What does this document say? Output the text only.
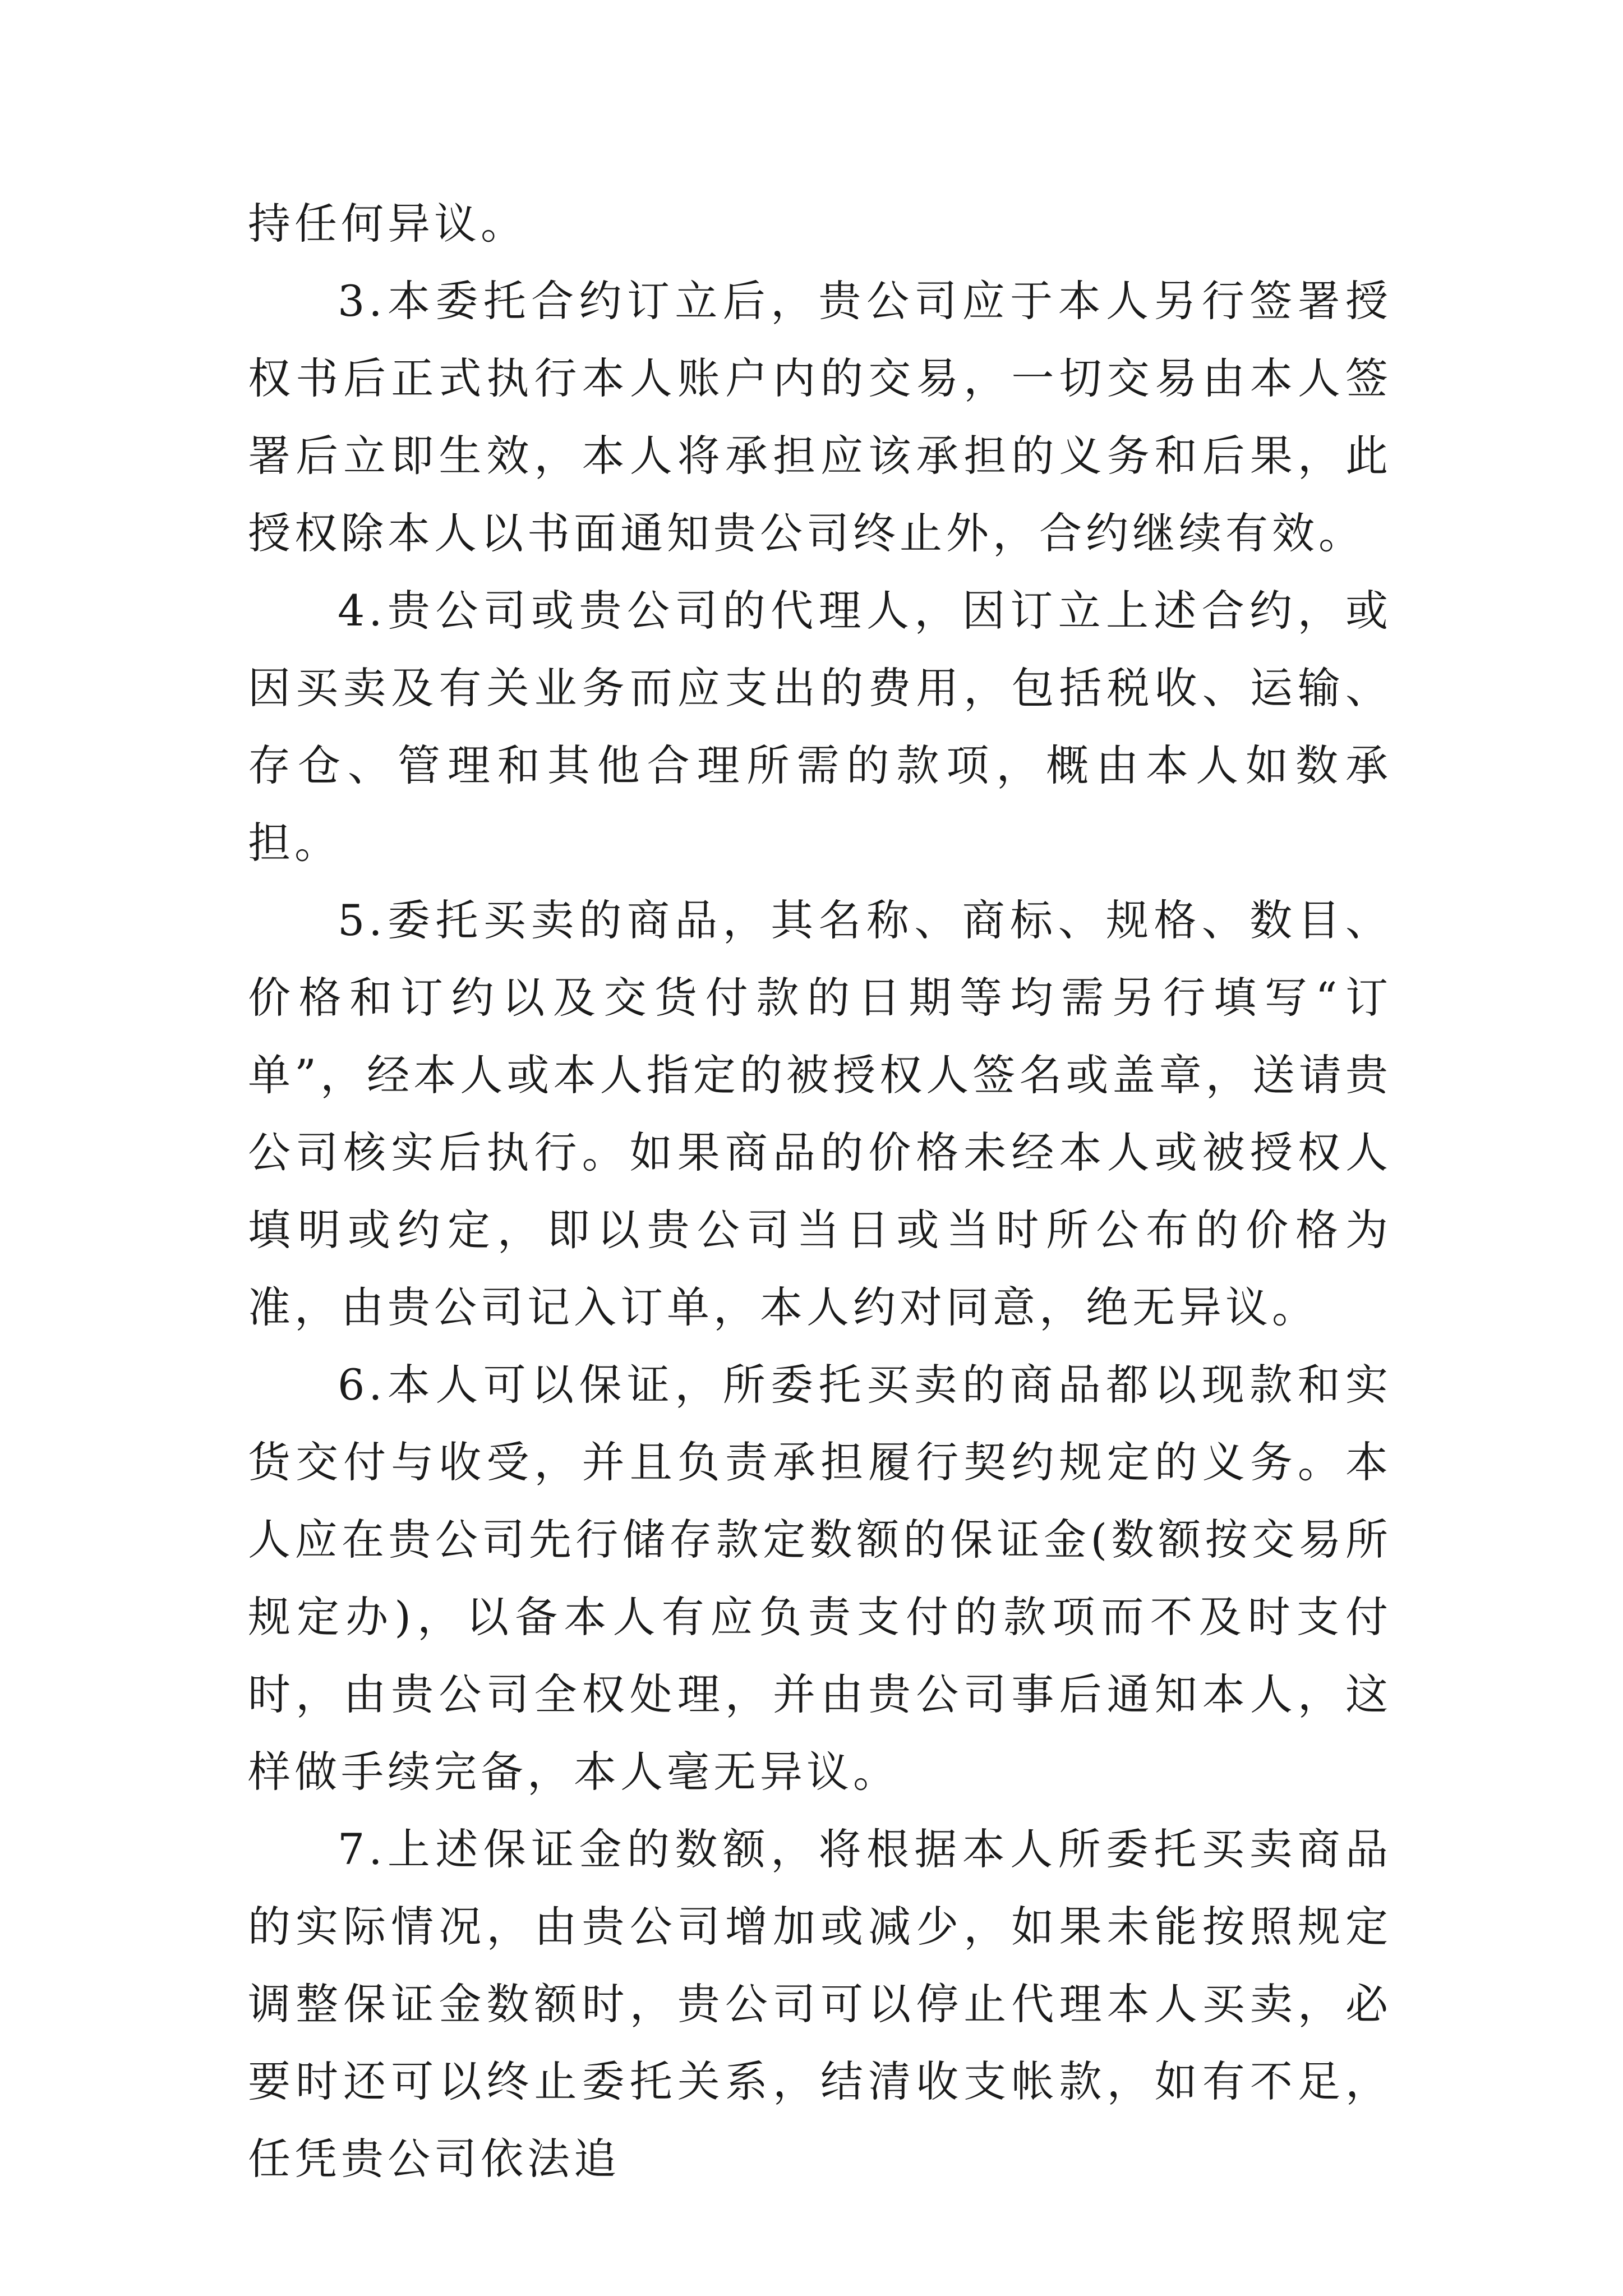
持任何异议。

3.本委托合约订立后，贵公司应于本人另行签署授权书后正式执行本人账户内的交易，一切交易由本人签署后立即生效，本人将承担应该承担的义务和后果，此授权除本人以书面通知贵公司终止外，合约继续有效。

4.贵公司或贵公司的代理人，因订立上述合约，或因买卖及有关业务而应支出的费用，包括税收、运输、存仓、管理和其他合理所需的款项，概由本人如数承担。

5.委托买卖的商品，其名称、商标、规格、数目、价格和订约以及交货付款的日期等均需另行填写“订单”，经本人或本人指定的被授权人签名或盖章，送请贵公司核实后执行。如果商品的价格未经本人或被授权人填明或约定，即以贵公司当日或当时所公布的价格为准，由贵公司记入订单，本人约对同意，绝无异议。

6.本人可以保证，所委托买卖的商品都以现款和实货交付与收受，并且负责承担履行契约规定的义务。本人应在贵公司先行储存款定数额的保证金(数额按交易所规定办)，以备本人有应负责支付的款项而不及时支付时，由贵公司全权处理，并由贵公司事后通知本人，这样做手续完备，本人毫无异议。

7.上述保证金的数额，将根据本人所委托买卖商品的实际情况，由贵公司增加或减少，如果未能按照规定调整保证金数额时，贵公司可以停止代理本人买卖，必要时还可以终止委托关系，结清收支帐款，如有不足，任凭贵公司依法追
